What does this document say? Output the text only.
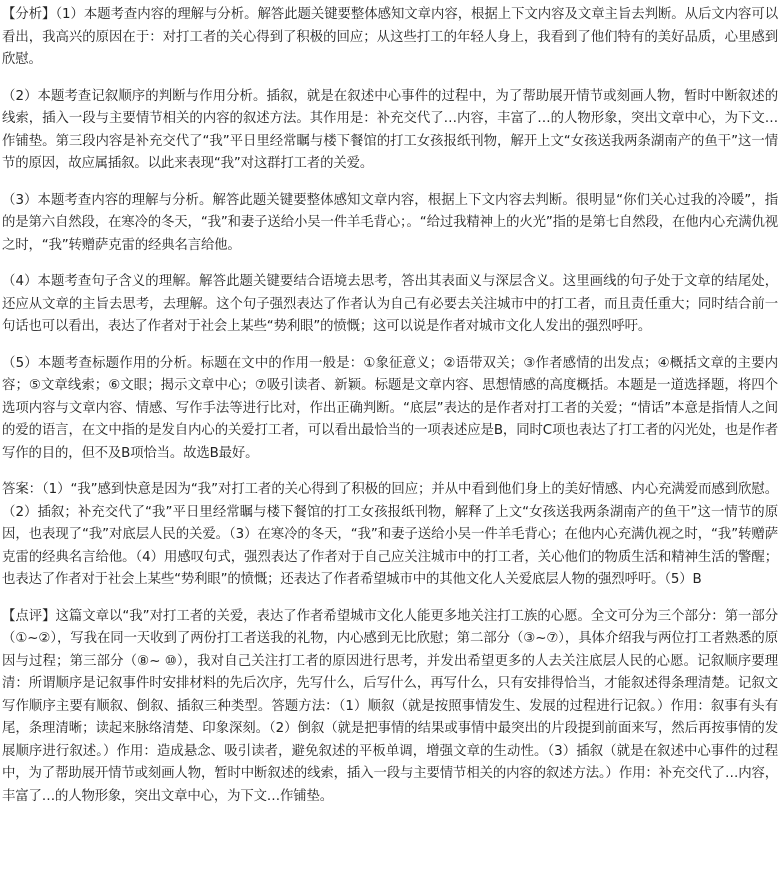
【分析】（1）本题考查内容的理解与分析。解答此题关键要整体感知文章内容，根据上下文内容及文章主旨去判断。从后文内容可以看出，我高兴的原因在于：对打工者的关心得到了积极的回应；从这些打工的年轻人身上，我看到了他们特有的美好品质，心里感到欣慰。

（2）本题考查记叙顺序的判断与作用分析。插叙，就是在叙述中心事件的过程中，为了帮助展开情节或刻画人物，暂时中断叙述的线索，插入一段与主要情节相关的内容的叙述方法。其作用是：补充交代了…内容，丰富了…的人物形象，突出文章中心，为下文…作铺垫。第三段内容是补充交代了“我”平日里经常瞩与楼下餐馆的打工女孩报纸刊物，解开上文“女孩送我两条湖南产的鱼干”这一情节的原因，故应属插叙。以此来表现“我”对这群打工者的关爱。

（3）本题考查内容的理解与分析。解答此题关键要整体感知文章内容，根据上下文内容去判断。很明显“你们关心过我的冷暖”，指的是第六自然段，在寒冷的冬天，“我”和妻子送给小吴一件羊毛背心；。“给过我精神上的火光”指的是第七自然段，在他内心充满仇视之时，“我”转赠萨克雷的经典名言给他。

（4）本题考查句子含义的理解。解答此题关键要结合语境去思考，答出其表面义与深层含义。这里画线的句子处于文章的结尾处，还应从文章的主旨去思考，去理解。这个句子强烈表达了作者认为自己有必要去关注城市中的打工者，而且责任重大；同时结合前一句话也可以看出，表达了作者对于社会上某些“势利眼”的愤慨；这可以说是作者对城市文化人发出的强烈呼吁。

（5）本题考查标题作用的分析。标题在文中的作用一般是：①象征意义；②语带双关；③作者感情的出发点；④概括文章的主要内容；⑤文章线索；⑥文眼；揭示文章中心；⑦吸引读者、新颖。标题是文章内容、思想情感的高度概括。本题是一道选择题，将四个选项内容与文章内容、情感、写作手法等进行比对，作出正确判断。“底层”表达的是作者对打工者的关爱；“情话”本意是指情人之间的爱的语言，在文中指的是发自内心的关爱打工者，可以看出最恰当的一项表述应是B，同时C项也表达了打工者的闪光处，也是作者写作的目的，但不及B项恰当。故选B最好。

答案：（1）“我”感到快意是因为“我”对打工者的关心得到了积极的回应；并从中看到他们身上的美好情感、内心充满爱而感到欣慰。（2）插叙；补充交代了“我”平日里经常瞩与楼下餐馆的打工女孩报纸刊物，解释了上文“女孩送我两条湖南产的鱼干”这一情节的原因，也表现了“我”对底层人民的关爱。（3）在寒冷的冬天，“我”和妻子送给小吴一件羊毛背心；在他内心充满仇视之时，“我”转赠萨克雷的经典名言给他。（4）用感叹句式，强烈表达了作者对于自己应关注城市中的打工者，关心他们的物质生活和精神生活的警醒；也表达了作者对于社会上某些“势利眼”的愤慨；还表达了作者希望城市中的其他文化人关爱底层人物的强烈呼吁。（5）B

【点评】这篇文章以“我”对打工者的关爱，表达了作者希望城市文化人能更多地关注打工族的心愿。全文可分为三个部分：第一部分（①~②），写我在同一天收到了两份打工者送我的礼物，内心感到无比欣慰；第二部分（③~⑦），具体介绍我与两位打工者熟悉的原因与过程；第三部分（⑧~ ⑩），我对自己关注打工者的原因进行思考，并发出希望更多的人去关注底层人民的心愿。记叙顺序要理清：所谓顺序是记叙事件时安排材料的先后次序，先写什么，后写什么，再写什么，只有安排得恰当，才能叙述得条理清楚。记叙文写作顺序主要有顺叙、倒叙、插叙三种类型。答题方法：（1）顺叙（就是按照事情发生、发展的过程进行记叙。）作用：叙事有头有尾，条理清晰；读起来脉络清楚、印象深刻。（2）倒叙（就是把事情的结果或事情中最突出的片段提到前面来写，然后再按事情的发展顺序进行叙述。）作用：造成悬念、吸引读者，避免叙述的平板单调，增强文章的生动性。（3）插叙（就是在叙述中心事件的过程中，为了帮助展开情节或刻画人物，暂时中断叙述的线索，插入一段与主要情节相关的内容的叙述方法。）作用：补充交代了…内容，丰富了…的人物形象，突出文章中心，为下文…作铺垫。
